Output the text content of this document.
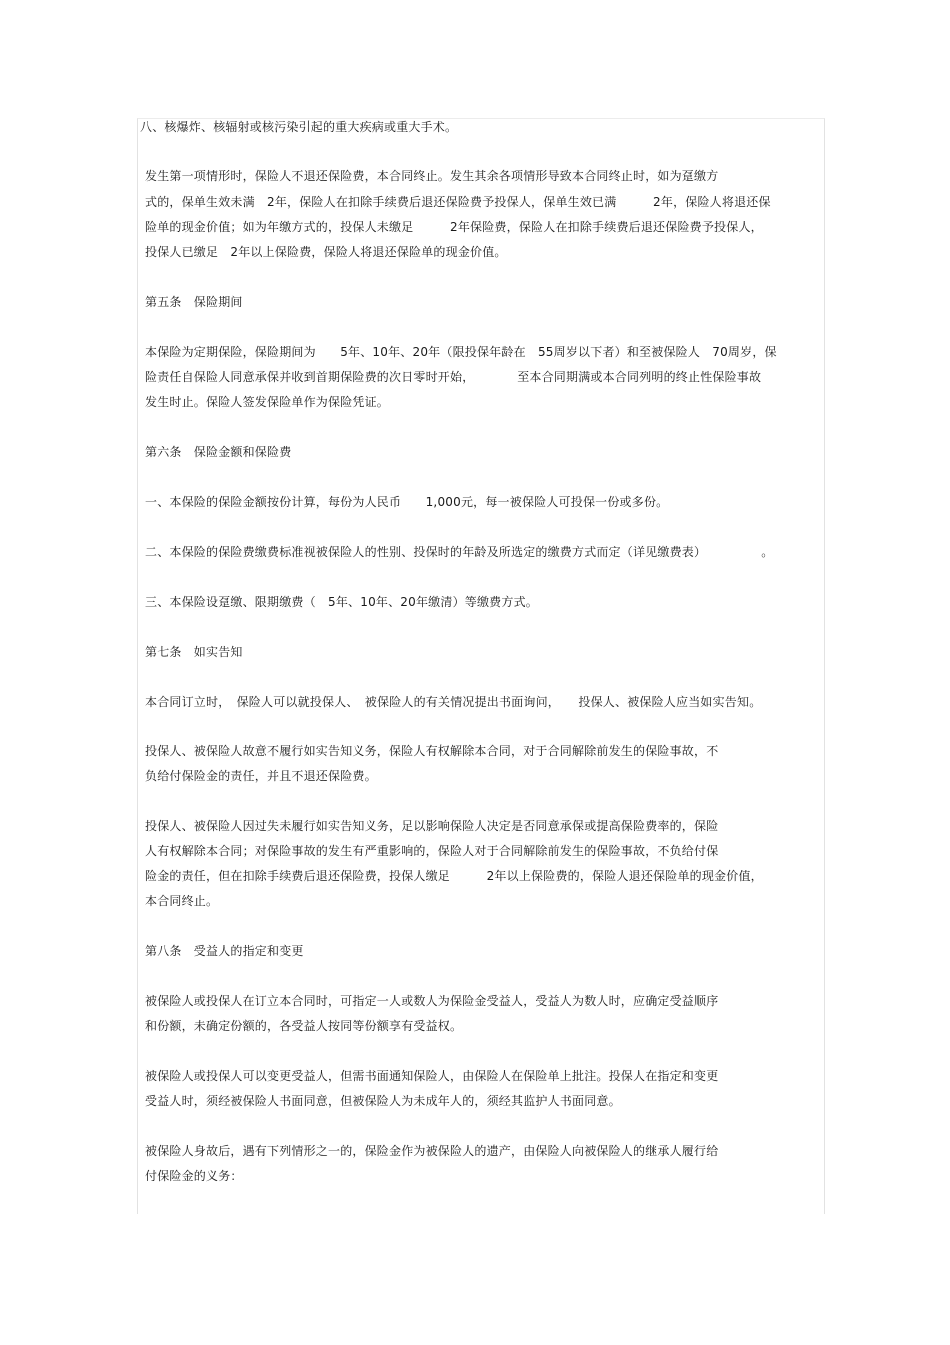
八、核爆炸、核辐射或核污染引起的重大疾病或重大手术。
发生第一项情形时，保险人不退还保险费，本合同终止。发生其余各项情形导致本合同终止时，如为趸缴方
式的，保单生效未满　2年，保险人在扣除手续费后退还保险费予投保人，保单生效已满　　　2年，保险人将退还保
险单的现金价值；如为年缴方式的，投保人未缴足　　　2年保险费，保险人在扣除手续费后退还保险费予投保人，
投保人已缴足　2年以上保险费，保险人将退还保险单的现金价值。
第五条　保险期间
本保险为定期保险，保险期间为　　5年、10年、20年（限投保年龄在　55周岁以下者）和至被保险人　70周岁，保
险责任自保险人同意承保并收到首期保险费的次日零时开始，　　　　至本合同期满或本合同列明的终止性保险事故
发生时止。保险人签发保险单作为保险凭证。
第六条　保险金额和保险费
一、本保险的保险金额按份计算，每份为人民币　　1,000元，每一被保险人可投保一份或多份。
二、本保险的保险费缴费标准视被保险人的性别、投保时的年龄及所选定的缴费方式而定（详见缴费表）　　　　　。
三、本保险设趸缴、限期缴费（　5年、10年、20年缴清）等缴费方式。
第七条　如实告知
本合同订立时，　保险人可以就投保人、　被保险人的有关情况提出书面询问，　　投保人、被保险人应当如实告知。
投保人、被保险人故意不履行如实告知义务，保险人有权解除本合同，对于合同解除前发生的保险事故，不
负给付保险金的责任，并且不退还保险费。
投保人、被保险人因过失未履行如实告知义务，足以影响保险人决定是否同意承保或提高保险费率的，保险
人有权解除本合同；对保险事故的发生有严重影响的，保险人对于合同解除前发生的保险事故，不负给付保
险金的责任，但在扣除手续费后退还保险费，投保人缴足　　　2年以上保险费的，保险人退还保险单的现金价值，
本合同终止。
第八条　受益人的指定和变更
被保险人或投保人在订立本合同时，可指定一人或数人为保险金受益人，受益人为数人时，应确定受益顺序
和份额，未确定份额的，各受益人按同等份额享有受益权。
被保险人或投保人可以变更受益人，但需书面通知保险人，由保险人在保险单上批注。投保人在指定和变更
受益人时，须经被保险人书面同意，但被保险人为未成年人的，须经其监护人书面同意。
被保险人身故后，遇有下列情形之一的，保险金作为被保险人的遗产，由保险人向被保险人的继承人履行给
付保险金的义务：
